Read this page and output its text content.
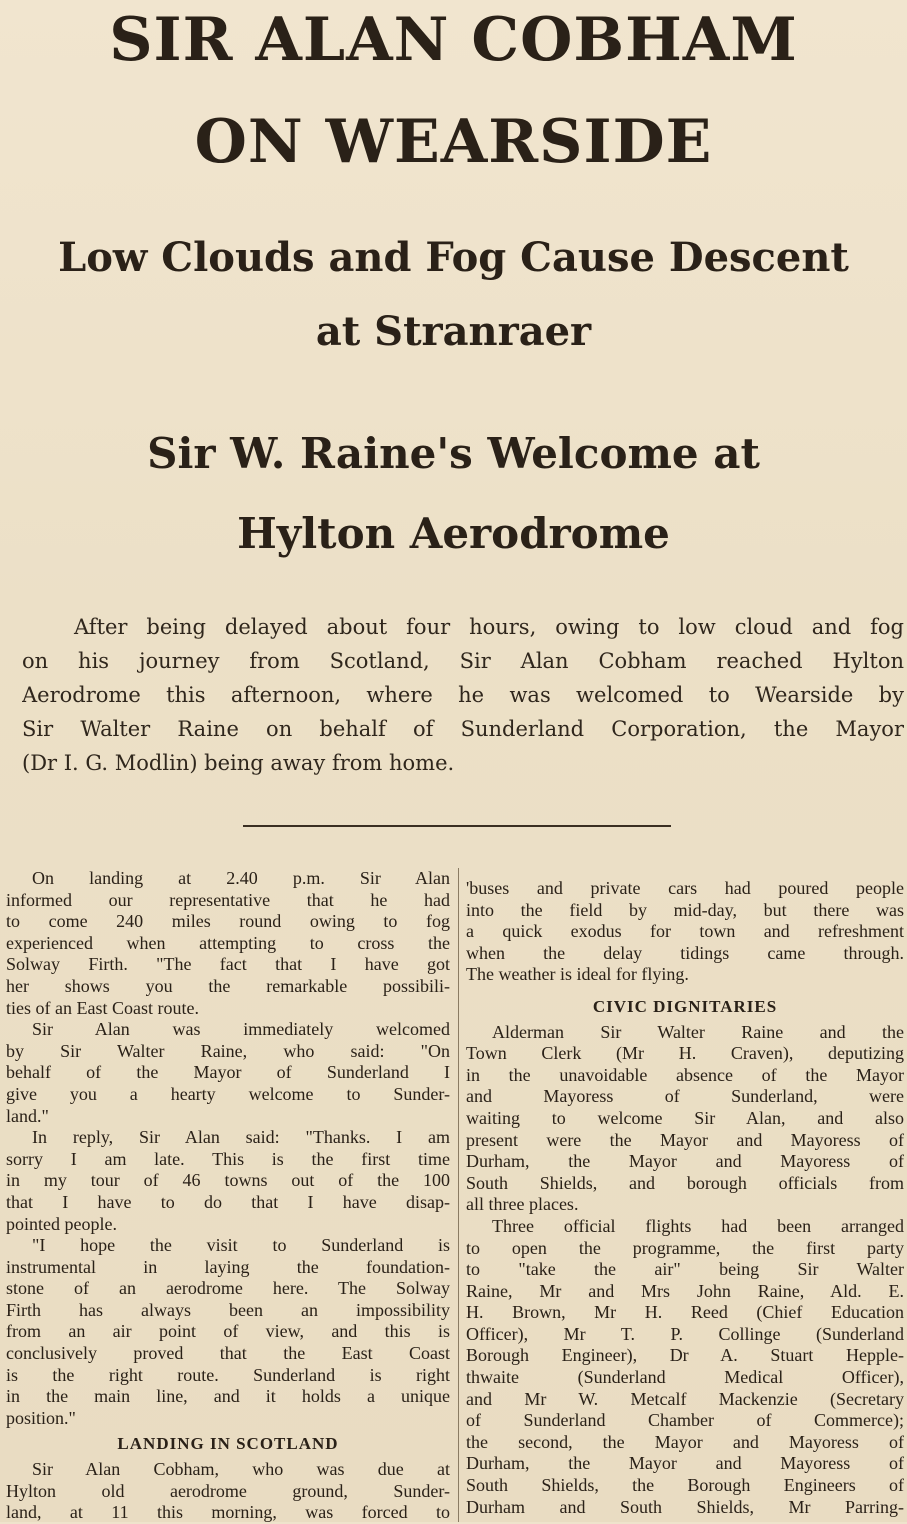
SIR ALAN COBHAM
ON WEARSIDE
Low Clouds and Fog Cause Descent
at Stranraer
Sir W. Raine's Welcome at
Hylton Aerodrome
After being delayed about four hours, owing to low cloud and fog
on his journey from Scotland, Sir Alan Cobham reached Hylton
Aerodrome this afternoon, where he was welcomed to Wearside by
Sir Walter Raine on behalf of Sunderland Corporation, the Mayor
(Dr I. G. Modlin) being away from home.
On landing at 2.40 p.m. Sir Alan
informed our representative that he had
to come 240 miles round owing to fog
experienced when attempting to cross the
Solway Firth. "The fact that I have got
her shows you the remarkable possibili-
ties of an East Coast route.
Sir Alan was immediately welcomed
by Sir Walter Raine, who said: "On
behalf of the Mayor of Sunderland I
give you a hearty welcome to Sunder-
land."
In reply, Sir Alan said: "Thanks. I am
sorry I am late. This is the first time
in my tour of 46 towns out of the 100
that I have to do that I have disap-
pointed people.
"I hope the visit to Sunderland is
instrumental in laying the foundation-
stone of an aerodrome here. The Solway
Firth has always been an impossibility
from an air point of view, and this is
conclusively proved that the East Coast
is the right route. Sunderland is right
in the main line, and it holds a unique
position."
LANDING IN SCOTLAND
Sir Alan Cobham, who was due at
Hylton old aerodrome ground, Sunder-
land, at 11 this morning, was forced to
'buses and private cars had poured people
into the field by mid-day, but there was
a quick exodus for town and refreshment
when the delay tidings came through.
The weather is ideal for flying.
CIVIC DIGNITARIES
Alderman Sir Walter Raine and the
Town Clerk (Mr H. Craven), deputizing
in the unavoidable absence of the Mayor
and Mayoress of Sunderland, were
waiting to welcome Sir Alan, and also
present were the Mayor and Mayoress of
Durham, the Mayor and Mayoress of
South Shields, and borough officials from
all three places.
Three official flights had been arranged
to open the programme, the first party
to "take the air" being Sir Walter
Raine, Mr and Mrs John Raine, Ald. E.
H. Brown, Mr H. Reed (Chief Education
Officer), Mr T. P. Collinge (Sunderland
Borough Engineer), Dr A. Stuart Hepple-
thwaite (Sunderland Medical Officer),
and Mr W. Metcalf Mackenzie (Secretary
of Sunderland Chamber of Commerce);
the second, the Mayor and Mayoress of
Durham, the Mayor and Mayoress of
South Shields, the Borough Engineers of
Durham and South Shields, Mr Parring-
